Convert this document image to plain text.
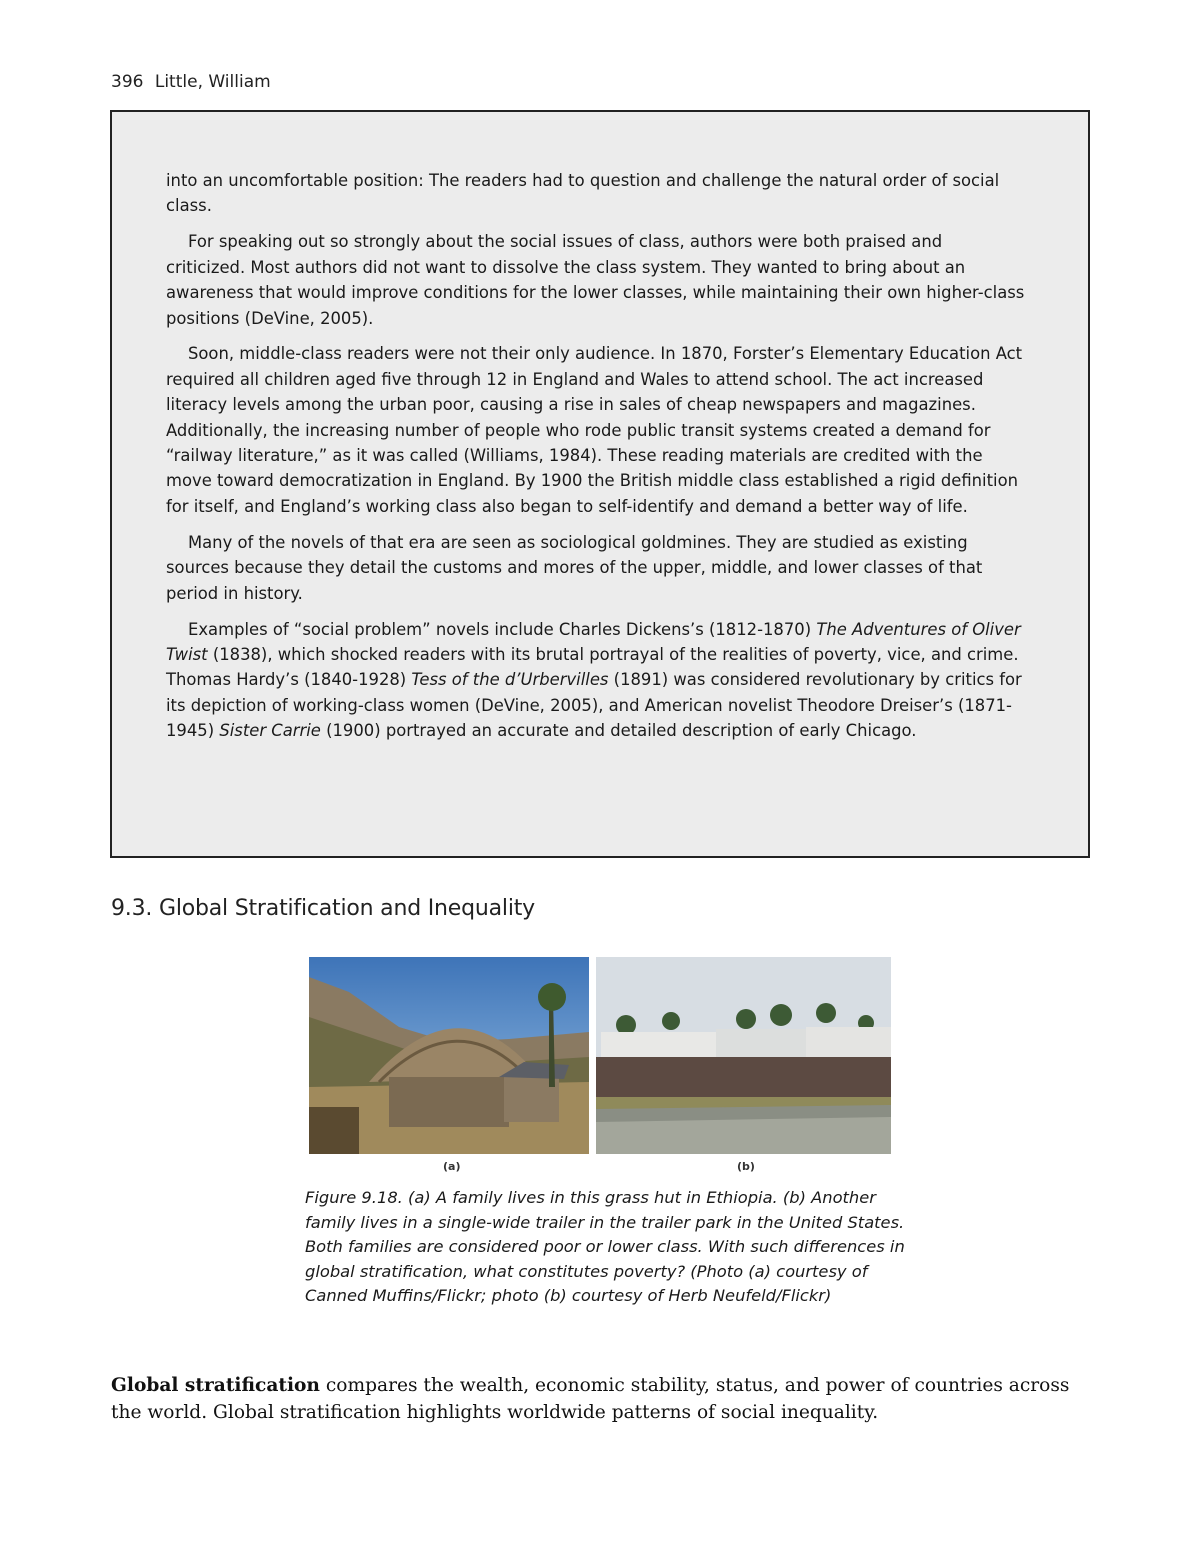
396 Little, William

into an uncomfortable position: The readers had to question and challenge the natural order of social class.

For speaking out so strongly about the social issues of class, authors were both praised and criticized. Most authors did not want to dissolve the class system. They wanted to bring about an awareness that would improve conditions for the lower classes, while maintaining their own higher-class positions (DeVine, 2005).

Soon, middle-class readers were not their only audience. In 1870, Forster’s Elementary Education Act required all children aged five through 12 in England and Wales to attend school. The act increased literacy levels among the urban poor, causing a rise in sales of cheap newspapers and magazines. Additionally, the increasing number of people who rode public transit systems created a demand for “railway literature,” as it was called (Williams, 1984). These reading materials are credited with the move toward democratization in England. By 1900 the British middle class established a rigid definition for itself, and England’s working class also began to self-identify and demand a better way of life.

Many of the novels of that era are seen as sociological goldmines. They are studied as existing sources because they detail the customs and mores of the upper, middle, and lower classes of that period in history.

Examples of “social problem” novels include Charles Dickens’s (1812-1870) The Adventures of Oliver Twist (1838), which shocked readers with its brutal portrayal of the realities of poverty, vice, and crime. Thomas Hardy’s (1840-1928) Tess of the d’Urbervilles (1891) was considered revolutionary by critics for its depiction of working-class women (DeVine, 2005), and American novelist Theodore Dreiser’s (1871-1945) Sister Carrie (1900) portrayed an accurate and detailed description of early Chicago.

9.3. Global Stratification and Inequality
(a)	(b)
Figure 9.18. (a) A family lives in this grass hut in Ethiopia. (b) Another family lives in a single-wide trailer in the trailer park in the United States. Both families are considered poor or lower class. With such differences in global stratification, what constitutes poverty? (Photo (a) courtesy of Canned Muffins/Flickr; photo (b) courtesy of Herb Neufeld/Flickr)
Global stratification compares the wealth, economic stability, status, and power of countries across the world. Global stratification highlights worldwide patterns of social inequality.
